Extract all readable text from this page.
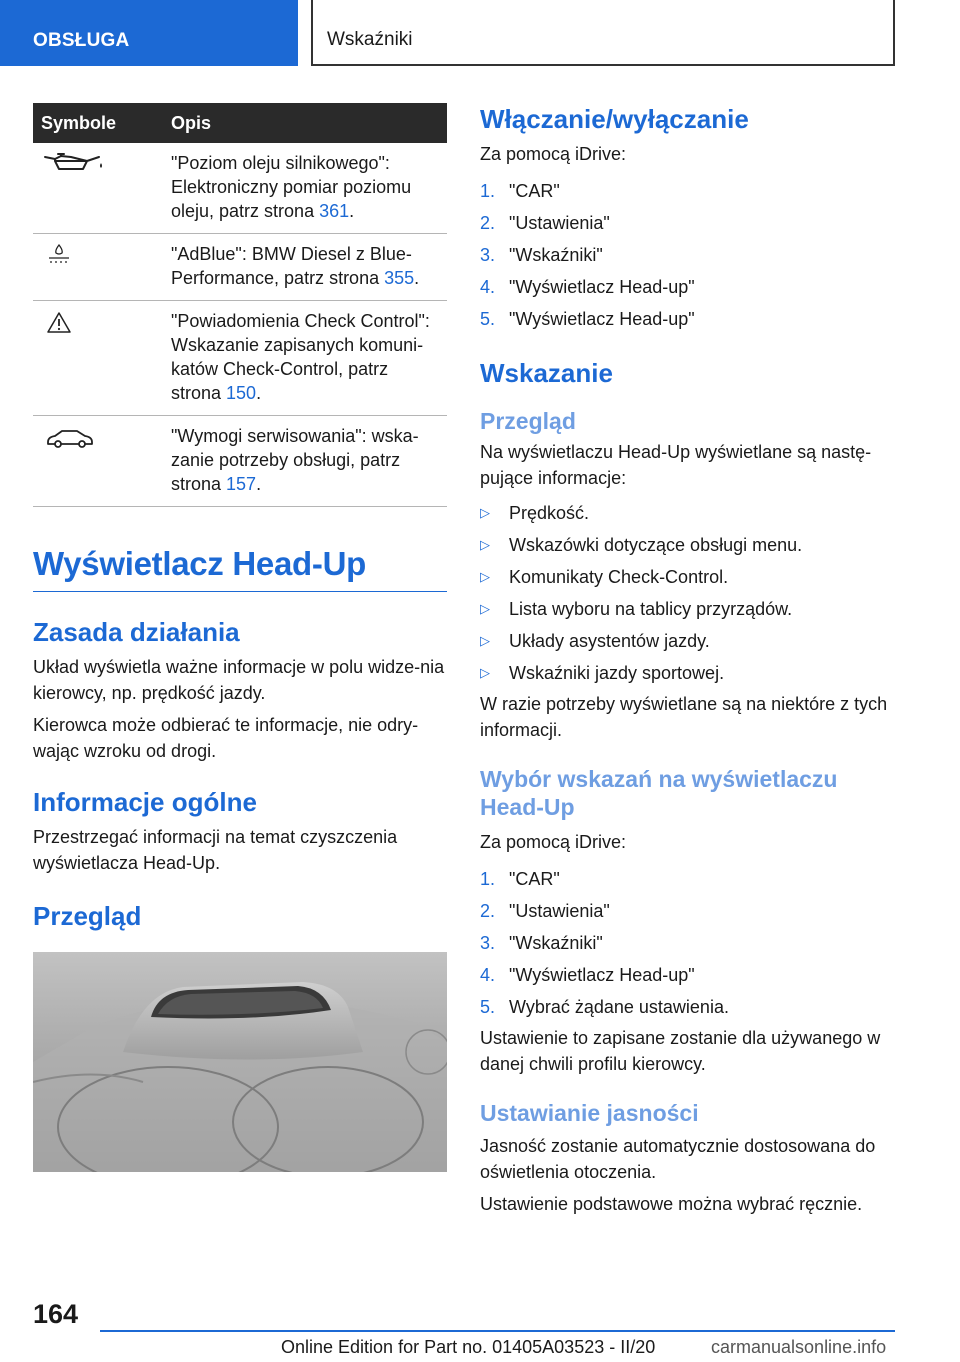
OBSŁUGA	Wskaźniki
Symbole	Opis
	"Poziom oleju silnikowego": Elektroniczny pomiar poziomu oleju, patrz strona 361.
	"AdBlue": BMW Diesel z Blue-Performance, patrz strona 355.
	"Powiadomienia Check Control": Wskazanie zapisanych komuni-katów Check-Control, patrz strona 150.
	"Wymogi serwisowania": wska-zanie potrzeby obsługi, patrz strona 157.
Wyświetlacz Head-Up
Zasada działania

Układ wyświetla ważne informacje w polu widze-nia kierowcy, np. prędkość jazdy.

Kierowca może odbierać te informacje, nie odry-wając wzroku od drogi.

Informacje ogólne

Przestrzegać informacji na temat czyszczenia wyświetlacza Head-Up.

Przegląd
Włączanie/wyłączanie

Za pomocą iDrive:

1. "CAR"
2. "Ustawienia"
3. "Wskaźniki"
4. "Wyświetlacz Head-up"
5. "Wyświetlacz Head-up"
Wskazanie
Przegląd

Na wyświetlaczu Head-Up wyświetlane są nastę-pujące informacje:

▷ Prędkość.
▷ Wskazówki dotyczące obsługi menu.
▷ Komunikaty Check-Control.
▷ Lista wyboru na tablicy przyrządów.
▷ Układy asystentów jazdy.
▷ Wskaźniki jazdy sportowej.

W razie potrzeby wyświetlane są na niektóre z tych informacji.

Wybór wskazań na wyświetlaczu Head-Up

Za pomocą iDrive:

1. "CAR"
2. "Ustawienia"
3. "Wskaźniki"
4. "Wyświetlacz Head-up"
5. Wybrać żądane ustawienia.

Ustawienie to zapisane zostanie dla używanego w danej chwili profilu kierowcy.

Ustawianie jasności

Jasność zostanie automatycznie dostosowana do oświetlenia otoczenia.

Ustawienie podstawowe można wybrać ręcznie.

164
Online Edition for Part no. 01405A03523 - II/20	carmanualsonline.info
